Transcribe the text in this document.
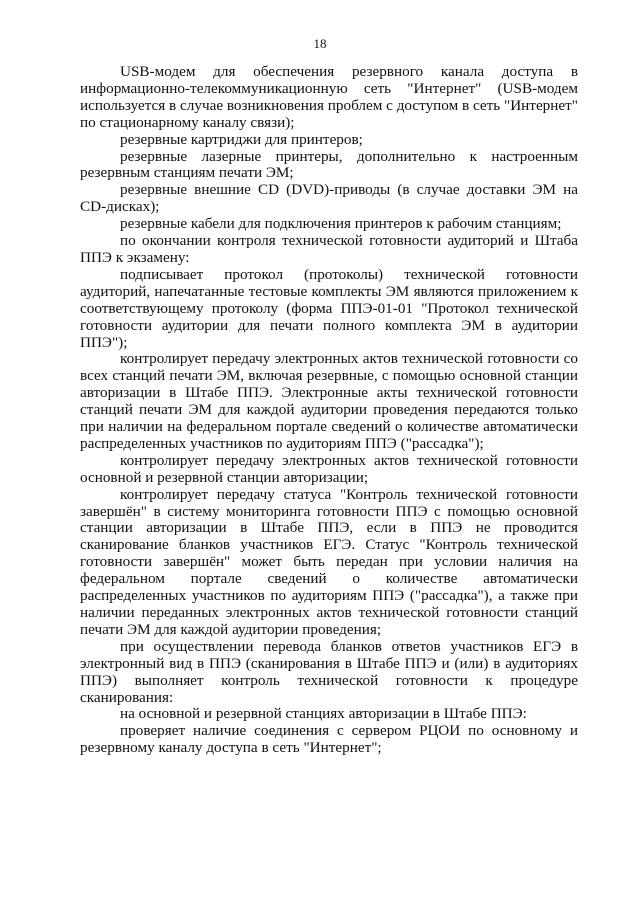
18

USB-модем для обеспечения резервного канала доступа в информационно-телекоммуникационную сеть "Интернет" (USB-модем используется в случае возникновения проблем с доступом в сеть "Интернет" по стационарному каналу связи);

резервные картриджи для принтеров;

резервные лазерные принтеры, дополнительно к настроенным резервным станциям печати ЭМ;

резервные внешние CD (DVD)-приводы (в случае доставки ЭМ на CD-дисках);

резервные кабели для подключения принтеров к рабочим станциям;

по окончании контроля технической готовности аудиторий и Штаба ППЭ к экзамену:

подписывает протокол (протоколы) технической готовности аудиторий, напечатанные тестовые комплекты ЭМ являются приложением к соответствующему протоколу (форма ППЭ-01-01 "Протокол технической готовности аудитории для печати полного комплекта ЭМ в аудитории ППЭ");

контролирует передачу электронных актов технической готовности со всех станций печати ЭМ, включая резервные, с помощью основной станции авторизации в Штабе ППЭ. Электронные акты технической готовности станций печати ЭМ для каждой аудитории проведения передаются только при наличии на федеральном портале сведений о количестве автоматически распределенных участников по аудиториям ППЭ ("рассадка");

контролирует передачу электронных актов технической готовности основной и резервной станции авторизации;

контролирует передачу статуса "Контроль технической готовности завершён" в систему мониторинга готовности ППЭ с помощью основной станции авторизации в Штабе ППЭ, если в ППЭ не проводится сканирование бланков участников ЕГЭ. Статус "Контроль технической готовности завершён" может быть передан при условии наличия на федеральном портале сведений о количестве автоматически распределенных участников по аудиториям ППЭ ("рассадка"), а также при наличии переданных электронных актов технической готовности станций печати ЭМ для каждой аудитории проведения;

при осуществлении перевода бланков ответов участников ЕГЭ в электронный вид в ППЭ (сканирования в Штабе ППЭ и (или) в аудиториях ППЭ) выполняет контроль технической готовности к процедуре сканирования:

на основной и резервной станциях авторизации в Штабе ППЭ:

проверяет наличие соединения с сервером РЦОИ по основному и резервному каналу доступа в сеть "Интернет";
